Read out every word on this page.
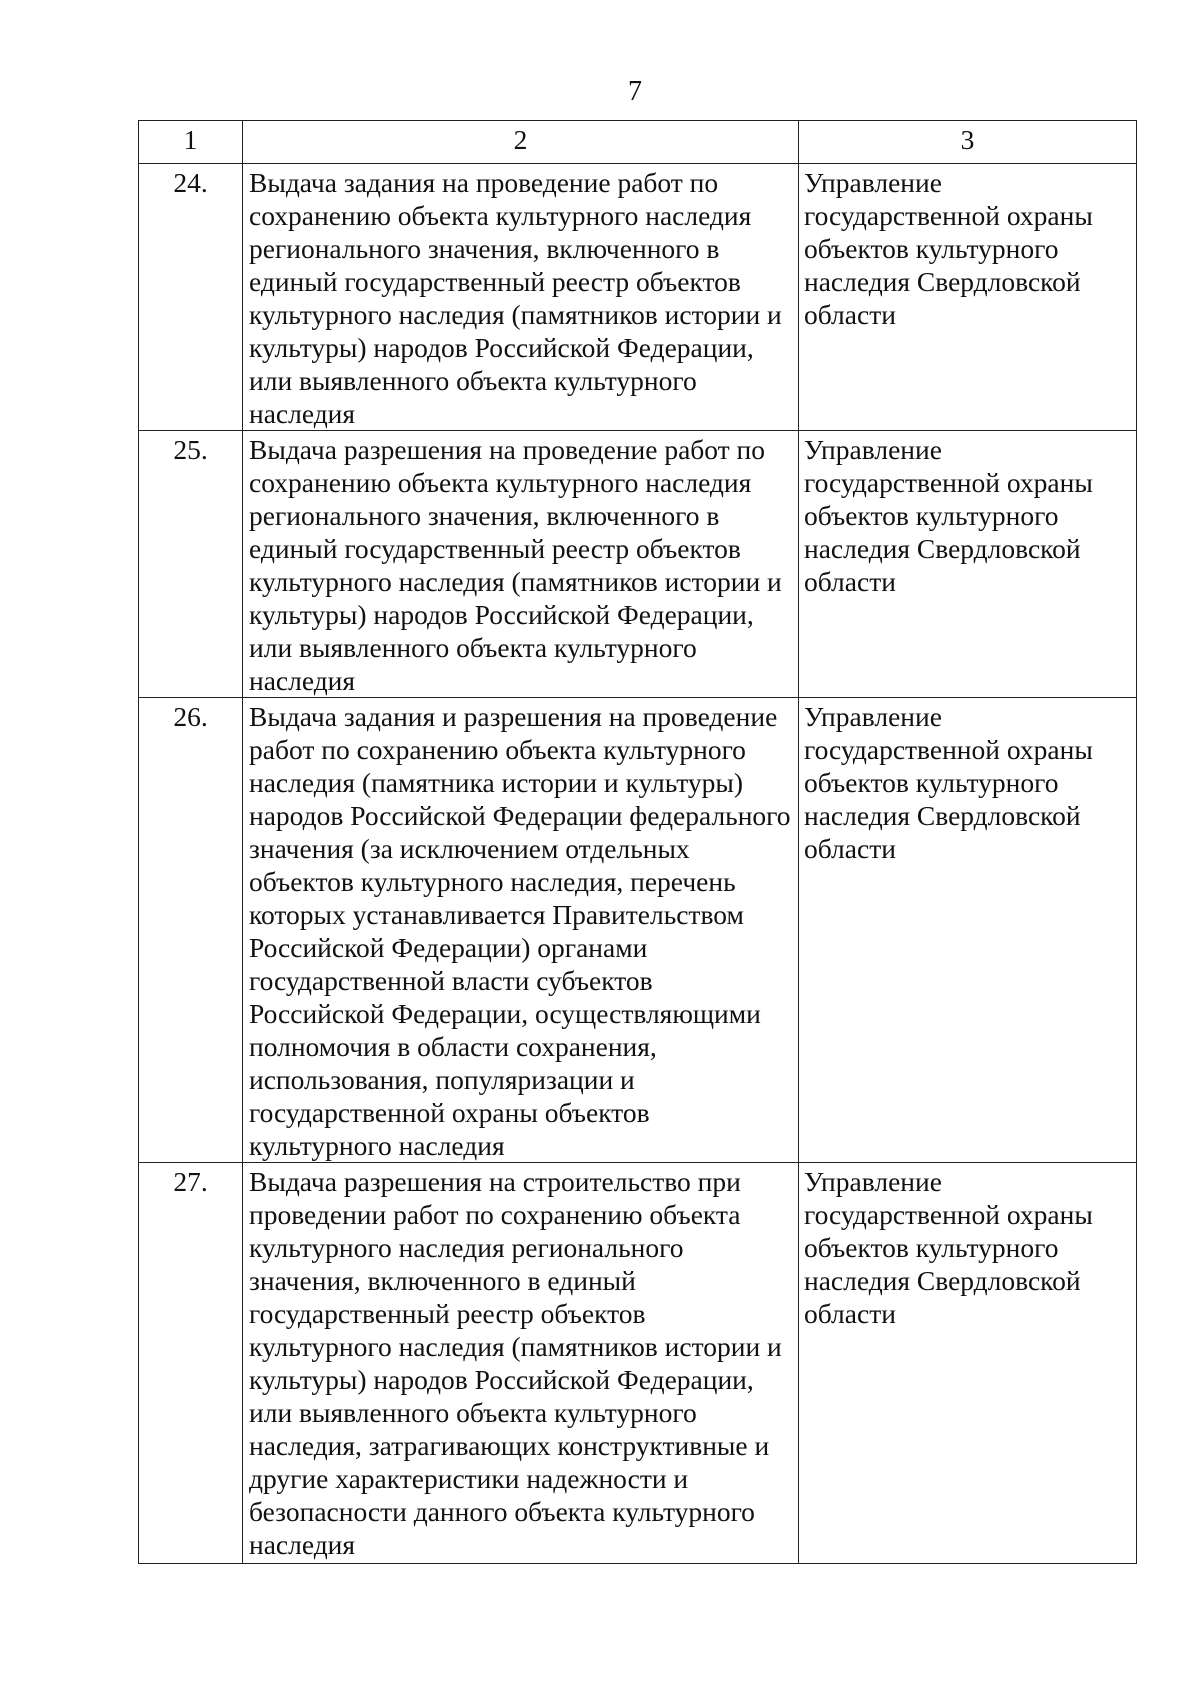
7
1	2	3
24.	Выдача задания на проведение работ по сохранению объекта культурного наследия регионального значения, включенного в единый государственный реестр объектов культурного наследия (памятников истории и культуры) народов Российской Федерации, или выявленного объекта культурного наследия	Управление государственной охраны объектов культурного наследия Свердловской области
25.	Выдача разрешения на проведение работ по сохранению объекта культурного наследия регионального значения, включенного в единый государственный реестр объектов культурного наследия (памятников истории и культуры) народов Российской Федерации, или выявленного объекта культурного наследия	Управление государственной охраны объектов культурного наследия Свердловской области
26.	Выдача задания и разрешения на проведение работ по сохранению объекта культурного наследия (памятника истории и культуры) народов Российской Федерации федерального значения (за исключением отдельных объектов культурного наследия, перечень которых устанавливается Правительством Российской Федерации) органами государственной власти субъектов Российской Федерации, осуществляющими полномочия в области сохранения, использования, популяризации и государственной охраны объектов культурного наследия	Управление государственной охраны объектов культурного наследия Свердловской области
27.	Выдача разрешения на строительство при проведении работ по сохранению объекта культурного наследия регионального значения, включенного в единый государственный реестр объектов культурного наследия (памятников истории и культуры) народов Российской Федерации, или выявленного объекта культурного наследия, затрагивающих конструктивные и другие характеристики надежности и безопасности данного объекта культурного наследия	Управление государственной охраны объектов культурного наследия Свердловской области
